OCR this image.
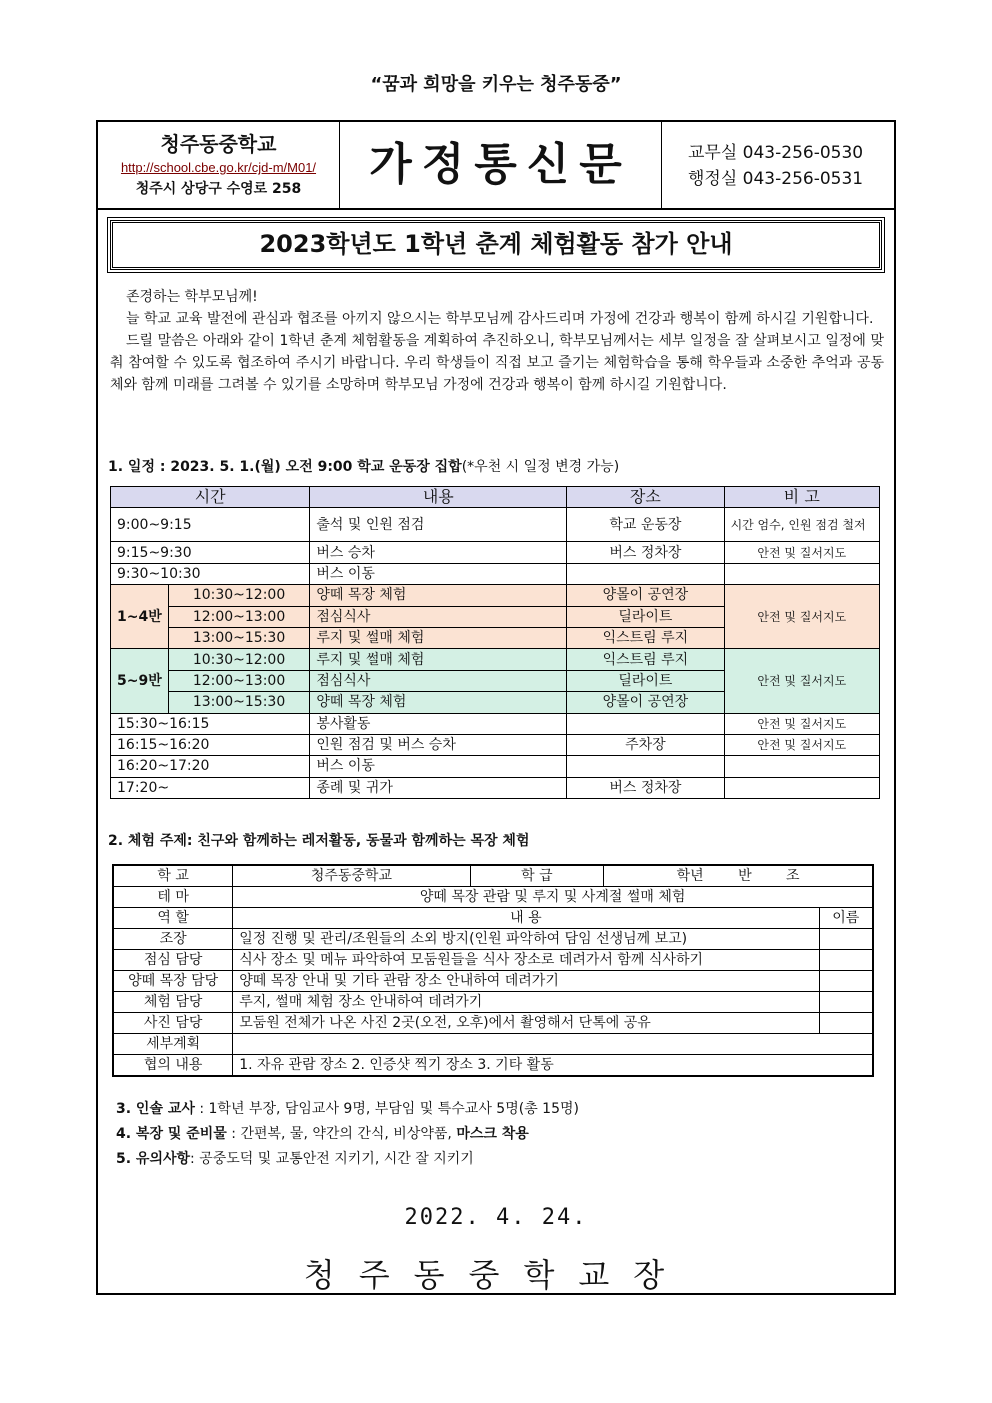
“꿈과 희망을 키우는 청주동중”
청주동중학교
http://school.cbe.go.kr/cjd-m/M01/
청주시 상당구 수영로 258	가정통신문	교무실 043-256-0530
행정실 043-256-0531
2023학년도 1학년 춘계 체험활동 참가 안내

존경하는 학부모님께!

늘 학교 교육 발전에 관심과 협조를 아끼지 않으시는 학부모님께 감사드리며 가정에 건강과 행복이 함께 하시길 기원합니다.

드릴 말씀은 아래와 같이 1학년 춘계 체험활동을 계획하여 추진하오니, 학부모님께서는 세부 일정을 잘 살펴보시고 일정에 맞춰 참여할 수 있도록 협조하여 주시기 바랍니다. 우리 학생들이 직접 보고 즐기는 체험학습을 통해 학우들과 소중한 추억과 공동체와 함께 미래를 그려볼 수 있기를 소망하며 학부모님 가정에 건강과 행복이 함께 하시길 기원합니다.

1. 일정 : 2023. 5. 1.(월) 오전 9:00 학교 운동장 집합(*우천 시 일정 변경 가능)
시간		내용	장소	비 고
9:00~9:15		출석 및 인원 점검	학교 운동장	시간 엄수, 인원 점검 철저
9:15~9:30		버스 승차	버스 정차장	안전 및 질서지도
9:30~10:30		버스 이동		
1~4반	10:30~12:00	양떼 목장 체험	양몰이 공연장	안전 및 질서지도
	12:00~13:00	점심식사	딜라이트	
	13:00~15:30	루지 및 썰매 체험	익스트림 루지	
5~9반	10:30~12:00	루지 및 썰매 체험	익스트림 루지	안전 및 질서지도
	12:00~13:00	점심식사	딜라이트	
	13:00~15:30	양떼 목장 체험	양몰이 공연장	
15:30~16:15		봉사활동		안전 및 질서지도
16:15~16:20		인원 점검 및 버스 승차	주차장	안전 및 질서지도
16:20~17:20		버스 이동		
17:20~		종례 및 귀가	버스 정차장	
2. 체험 주제: 친구와 함께하는 레저활동, 동물과 함께하는 목장 체험
학 교	청주동중학교	학 급	학년 반 조	
테 마	양떼 목장 관람 및 루지 및 사계절 썰매 체험			
역 할	내 용			이름
조장	일정 진행 및 관리/조원들의 소외 방지(인원 파악하여 담임 선생님께 보고)			
점심 담당	식사 장소 및 메뉴 파악하여 모둠원들을 식사 장소로 데려가서 함께 식사하기			
양떼 목장 담당	양떼 목장 안내 및 기타 관람 장소 안내하여 데려가기			
체험 담당	루지, 썰매 체험 장소 안내하여 데려가기			
사진 담당	모둠원 전체가 나온 사진 2곳(오전, 오후)에서 촬영해서 단톡에 공유			
세부계획				
협의 내용	1. 자유 관람 장소 2. 인증샷 찍기 장소 3. 기타 활동			
3. 인솔 교사 : 1학년 부장, 담임교사 9명, 부담임 및 특수교사 5명(총 15명)
4. 복장 및 준비물 : 간편복, 물, 약간의 간식, 비상약품, 마스크 착용
5. 유의사항: 공중도덕 및 교통안전 지키기, 시간 잘 지키기
2022. 4. 24.
청주동중학교장
